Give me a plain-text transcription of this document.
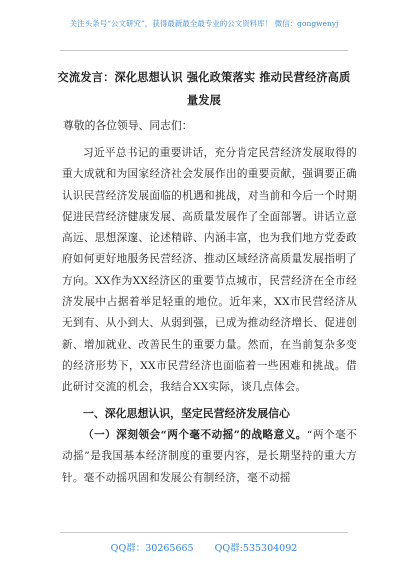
关注头条号“公文研究”，获得最新最全最专业的公文资料库！ 微信：gongwenyj
交流发言：深化思想认识 强化政策落实 推动民营经济高质量发展
尊敬的各位领导、同志们：

习近平总书记的重要讲话，充分肯定民营经济发展取得的重大成就和为国家经济社会发展作出的重要贡献，强调要正确认识民营经济发展面临的机遇和挑战，对当前和今后一个时期促进民营经济健康发展、高质量发展作了全面部署。讲话立意高远、思想深邃、论述精辟、内涵丰富，也为我们地方党委政府如何更好地服务民营经济、推动区域经济高质量发展指明了方向。XX作为XX经济区的重要节点城市，民营经济在全市经济发展中占据着举足轻重的地位。近年来，XX市民营经济从无到有、从小到大、从弱到强，已成为推动经济增长、促进创新、增加就业、改善民生的重要力量。然而，在当前复杂多变的经济形势下，XX市民营经济也面临着一些困难和挑战。借此研讨交流的机会，我结合XX实际，谈几点体会。

一、深化思想认识，坚定民营经济发展信心

（一）深刻领会“两个毫不动摇”的战略意义。“两个毫不动摇”是我国基本经济制度的重要内容，是长期坚持的重大方针。毫不动摇巩固和发展公有制经济，毫不动摇

QQ群：30265665 QQ群:535304092
